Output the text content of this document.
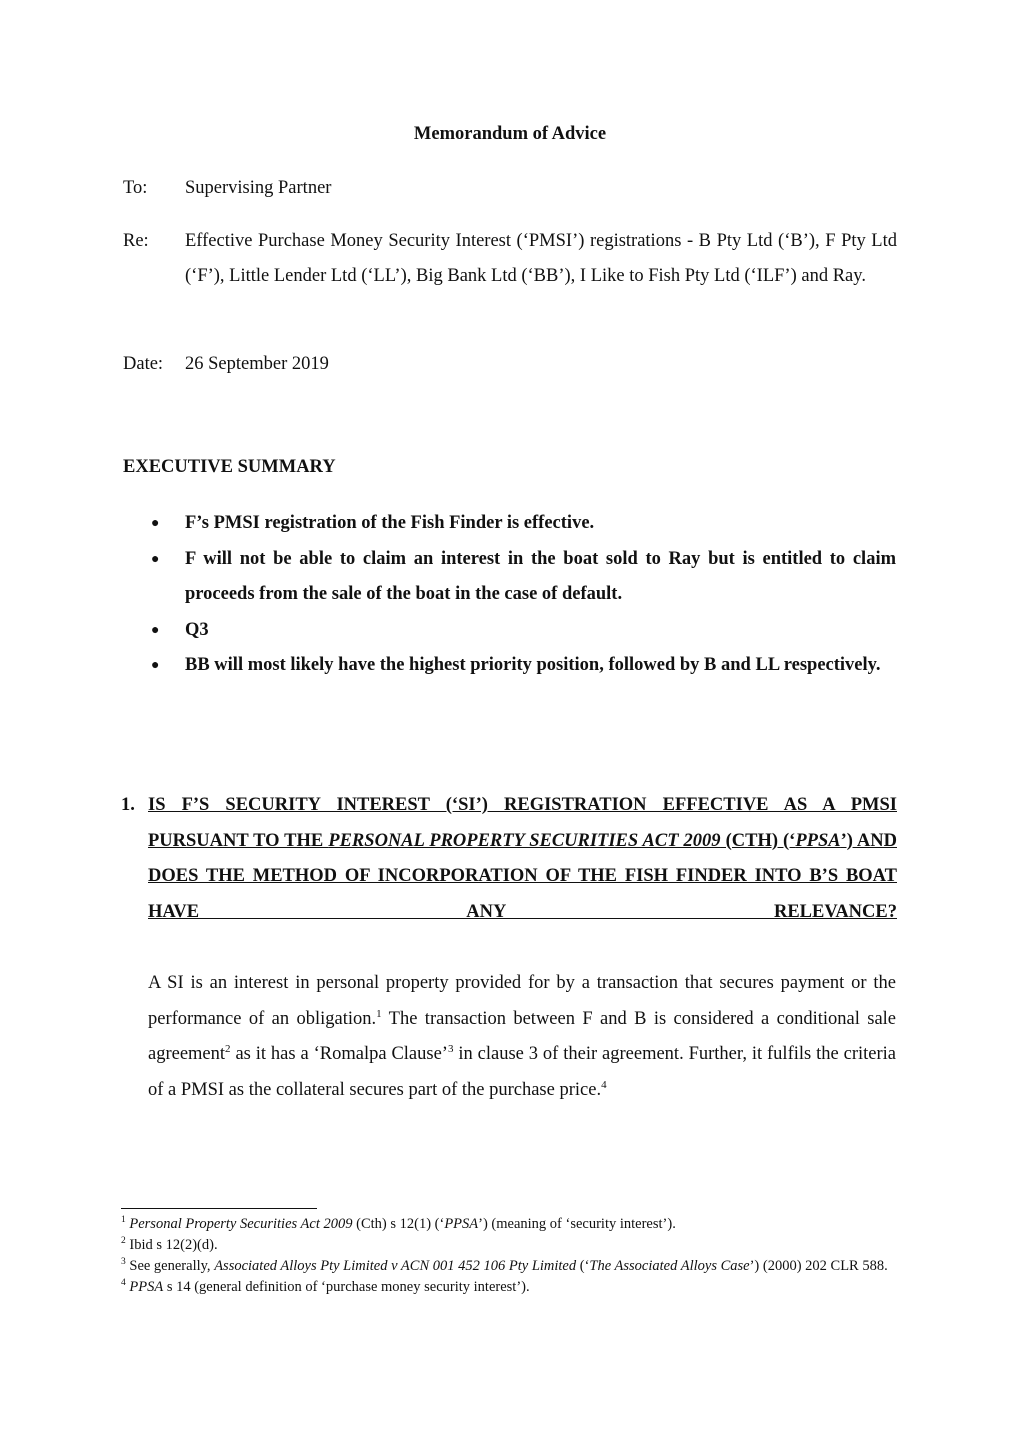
Memorandum of Advice
To:	Supervising Partner
Re:	Effective Purchase Money Security Interest (‘PMSI’) registrations - B Pty Ltd (‘B’), F Pty Ltd (‘F’), Little Lender Ltd (‘LL’), Big Bank Ltd (‘BB’), I Like to Fish Pty Ltd (‘ILF’) and Ray.
Date:	26 September 2019
EXECUTIVE SUMMARY
● F’s PMSI registration of the Fish Finder is effective.
● F will not be able to claim an interest in the boat sold to Ray but is entitled to claim proceeds from the sale of the boat in the case of default.
● Q3
● BB will most likely have the highest priority position, followed by B and LL respectively.
1. IS F’S SECURITY INTEREST (‘SI’) REGISTRATION EFFECTIVE AS A PMSI PURSUANT TO THE PERSONAL PROPERTY SECURITIES ACT 2009 (CTH) (‘PPSA’) AND DOES THE METHOD OF INCORPORATION OF THE FISH FINDER INTO B’S BOAT HAVE ANY RELEVANCE?
A SI is an interest in personal property provided for by a transaction that secures payment or the performance of an obligation.$^1$ The transaction between F and B is considered a conditional sale agreement$^2$ as it has a ‘Romalpa Clause’$^3$ in clause 3 of their agreement. Further, it fulfils the criteria of a PMSI as the collateral secures part of the purchase price.$^4$

$^1$ Personal Property Securities Act 2009 (Cth) s 12(1) (‘PPSA’) (meaning of ‘security interest’).

$^2$ Ibid s 12(2)(d).

$^3$ See generally, Associated Alloys Pty Limited v ACN 001 452 106 Pty Limited (‘The Associated Alloys Case’) (2000) 202 CLR 588.

$^4$ PPSA s 14 (general definition of ‘purchase money security interest’).
